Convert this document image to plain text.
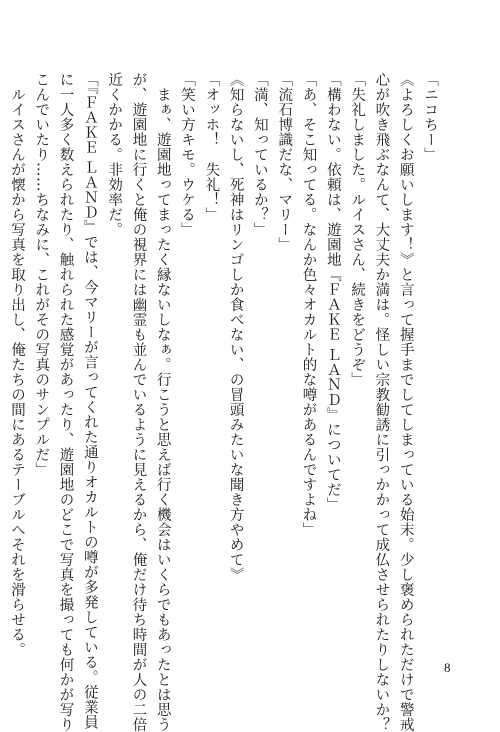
「ニコちー」
《よろしくお願いします！》と言って握手までしてしまっている始末。少し褒められただけで警戒
心が吹き飛ぶなんて、大丈夫か満は。怪しい宗教勧誘に引っかかって成仏させられたりしないか？
「失礼しました。ルイスさん、続きをどうぞ」
「構わない。依頼は、遊園地『ＦＡＫＥ ＬＡＮＤ』についてだ」
「あ、そこ知ってる。なんか色々オカルト的な噂があるんですよね」
「流石博識だな、マリー」
「満、知っているか？」
《知らないし、死神はリンゴしか食べない、の冒頭みたいな聞き方やめて》
「オッホ！　失礼！」
「笑い方キモ。ウケる」
まぁ、遊園地ってまったく縁ないしなぁ。行こうと思えば行く機会はいくらでもあったとは思う
が、遊園地に行くと俺の視界には幽霊も並んでいるように見えるから、俺だけ待ち時間が人の二倍
近くかかる。非効率だ。
「『ＦＡＫＥ ＬＡＮＤ』では、今マリーが言ってくれた通りオカルトの噂が多発している。従業員
に一人多く数えられたり、触れられた感覚があったり、遊園地のどこで写真を撮っても何かが写り
こんでいたり……ちなみに、これがその写真のサンプルだ」
ルイスさんが懐から写真を取り出し、俺たちの間にあるテーブルへそれを滑らせる。
8
